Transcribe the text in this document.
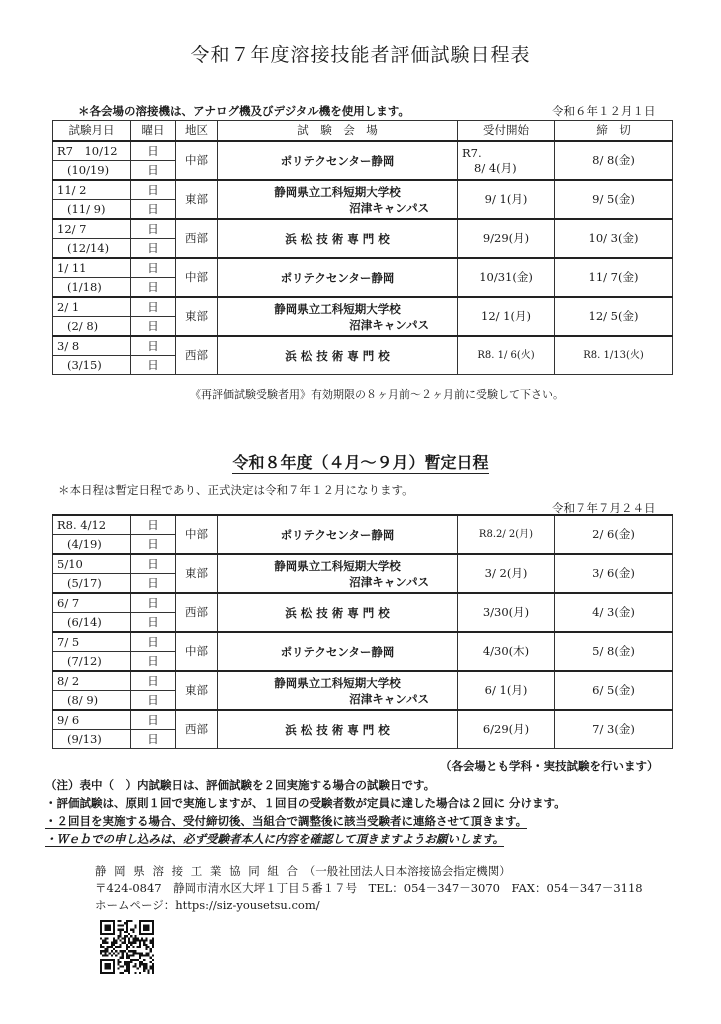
令和７年度溶接技能者評価試験日程表
＊各会場の溶接機は、アナログ機及びデジタル機を使用します。	令和６年１２月１日
試験月日	曜日	地区	試　験　会　場	受付開始	締　切
R7　10/12	日	中部	ポリテクセンター静岡	R7.
8/ 4(月)	8/ 8(金)
(10/19)	日				
11/ 2	日	東部	静岡県立工科短期大学校
沼津キャンパス	9/ 1(月)	9/ 5(金)
(11/ 9)	日				
12/ 7	日	西部	浜 松 技 術 専 門 校	9/29(月)	10/ 3(金)
(12/14)	日				
1/ 11	日	中部	ポリテクセンター静岡	10/31(金)	11/ 7(金)
(1/18)	日				
2/ 1	日	東部	静岡県立工科短期大学校
沼津キャンパス	12/ 1(月)	12/ 5(金)
(2/ 8)	日				
3/ 8	日	西部	浜 松 技 術 専 門 校	R8. 1/ 6(火)	R8. 1/13(火)
(3/15)	日				
《再評価試験受験者用》有効期限の８ヶ月前〜２ヶ月前に受験して下さい。
令和８年度（４月〜９月）暫定日程
＊本日程は暫定日程であり、正式決定は令和７年１２月になります。
令和７年７月２４日
R8. 4/12	日	中部	ポリテクセンター静岡	R8.2/ 2(月)	2/ 6(金)
(4/19)	日				
5/10	日	東部	静岡県立工科短期大学校
沼津キャンパス	3/ 2(月)	3/ 6(金)
(5/17)	日				
6/ 7	日	西部	浜 松 技 術 専 門 校	3/30(月)	4/ 3(金)
(6/14)	日				
7/ 5	日	中部	ポリテクセンター静岡	4/30(木)	5/ 8(金)
(7/12)	日				
8/ 2	日	東部	静岡県立工科短期大学校
沼津キャンパス	6/ 1(月)	6/ 5(金)
(8/ 9)	日				
9/ 6	日	西部	浜 松 技 術 専 門 校	6/29(月)	7/ 3(金)
(9/13)	日				
（各会場とも学科・実技試験を行います）
（注）表中（　）内試験日は、評価試験を２回実施する場合の試験日です。
・評価試験は、原則１回で実施しますが、１回目の受験者数が定員に達した場合は２回に 分けます。
・２回目を実施する場合、受付締切後、当組合で調整後に該当受験者に連絡させて頂きます。
・Ｗｅｂでの申し込みは、必ず受験者本人に内容を確認して頂きますようお願いします。
静 岡 県 溶 接 工 業 協 同 組 合 （一般社団法人日本溶接協会指定機関）
〒424-0847　静岡市清水区大坪１丁目５番１７号　TEL：054－347－3070　FAX：054－347－3118
ホームページ：https://siz-yousetsu.com/
